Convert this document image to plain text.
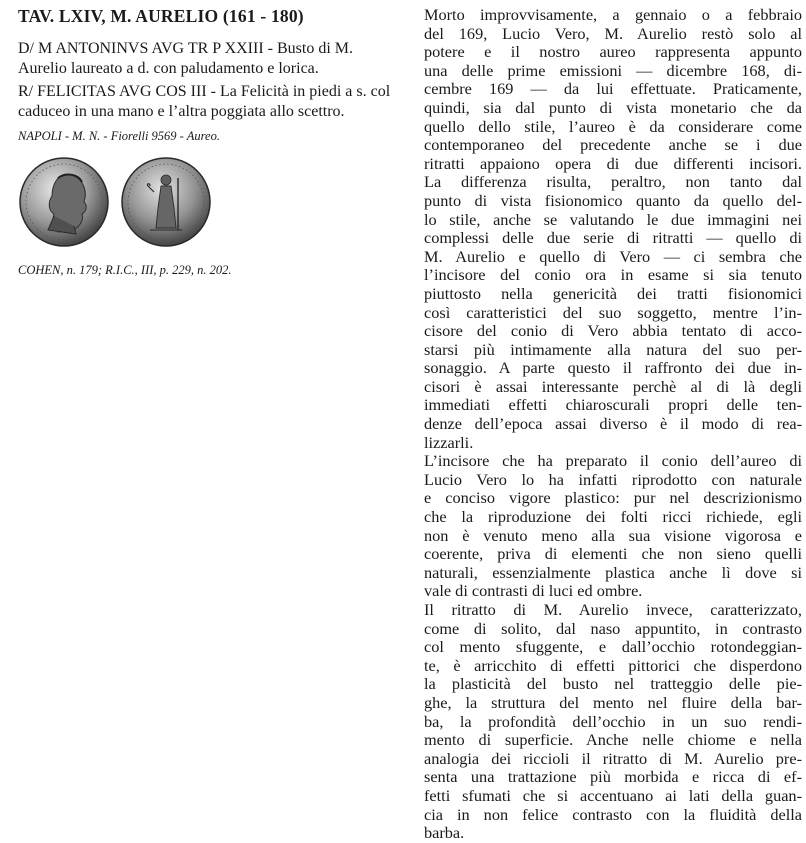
TAV. LXIV, M. AURELIO (161 - 180)

D/ M ANTONINVS AVG TR P XXIII - Busto di M. Aurelio laureato a d. con paludamento e lorica.

R/ FELICITAS AVG COS III - La Felicità in piedi a s. col caduceo in una mano e l’altra poggiata allo scettro.

NAPOLI - M. N. - Fiorelli 9569 - Aureo.

COHEN, n. 179; R.I.C., III, p. 229, n. 202.
Morto improvvisamente, a gennaio o a febbraio
del 169, Lucio Vero, M. Aurelio restò solo al
potere e il nostro aureo rappresenta appunto
una delle prime emissioni — dicembre 168, di-
cembre 169 — da lui effettuate. Praticamente,
quindi, sia dal punto di vista monetario che da
quello dello stile, l’aureo è da considerare come
contemporaneo del precedente anche se i due
ritratti appaiono opera di due differenti incisori.
La differenza risulta, peraltro, non tanto dal
punto di vista fisionomico quanto da quello del-
lo stile, anche se valutando le due immagini nei
complessi delle due serie di ritratti — quello di
M. Aurelio e quello di Vero — ci sembra che
l’incisore del conio ora in esame si sia tenuto
piuttosto nella genericità dei tratti fisionomici
così caratteristici del suo soggetto, mentre l’in-
cisore del conio di Vero abbia tentato di acco-
starsi più intimamente alla natura del suo per-
sonaggio. A parte questo il raffronto dei due in-
cisori è assai interessante perchè al di là degli
immediati effetti chiaroscurali propri delle ten-
denze dell’epoca assai diverso è il modo di rea-
lizzarli.
L’incisore che ha preparato il conio dell’aureo di
Lucio Vero lo ha infatti riprodotto con naturale
e conciso vigore plastico: pur nel descrizionismo
che la riproduzione dei folti ricci richiede, egli
non è venuto meno alla sua visione vigorosa e
coerente, priva di elementi che non sieno quelli
naturali, essenzialmente plastica anche lì dove si
vale di contrasti di luci ed ombre.
Il ritratto di M. Aurelio invece, caratterizzato,
come di solito, dal naso appuntito, in contrasto
col mento sfuggente, e dall’occhio rotondeggian-
te, è arricchito di effetti pittorici che disperdono
la plasticità del busto nel tratteggio delle pie-
ghe, la struttura del mento nel fluire della bar-
ba, la profondità dell’occhio in un suo rendi-
mento di superficie. Anche nelle chiome e nella
analogia dei riccioli il ritratto di M. Aurelio pre-
senta una trattazione più morbida e ricca di ef-
fetti sfumati che si accentuano ai lati della guan-
cia in non felice contrasto con la fluidità della
barba.
